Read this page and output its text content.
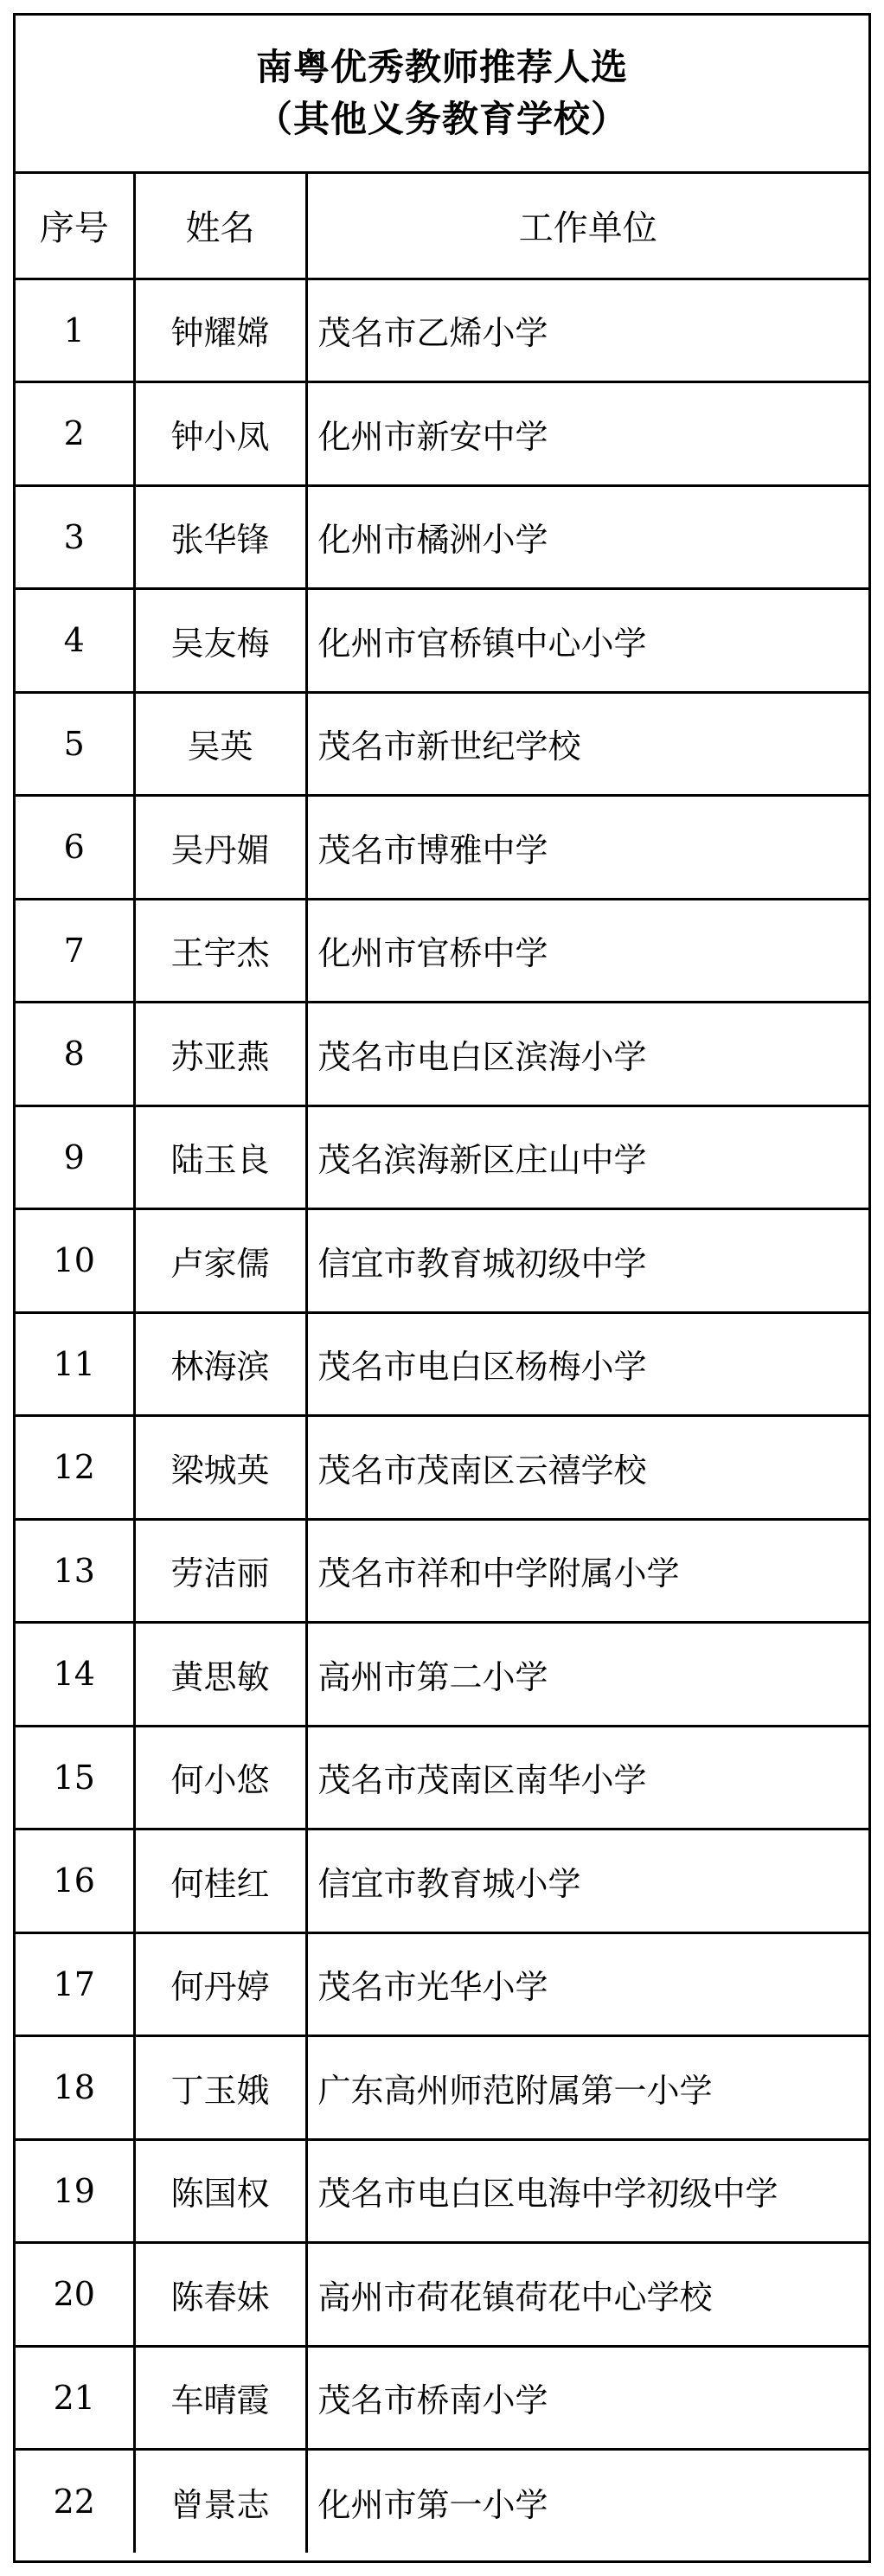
南粤优秀教师推荐人选
（其他义务教育学校）
序号	姓名	工作单位
1	钟耀嫦	茂名市乙烯小学
2	钟小凤	化州市新安中学
3	张华锋	化州市橘洲小学
4	吴友梅	化州市官桥镇中心小学
5	吴英	茂名市新世纪学校
6	吴丹媚	茂名市博雅中学
7	王宇杰	化州市官桥中学
8	苏亚燕	茂名市电白区滨海小学
9	陆玉良	茂名滨海新区庄山中学
10	卢家儒	信宜市教育城初级中学
11	林海滨	茂名市电白区杨梅小学
12	梁城英	茂名市茂南区云禧学校
13	劳洁丽	茂名市祥和中学附属小学
14	黄思敏	高州市第二小学
15	何小悠	茂名市茂南区南华小学
16	何桂红	信宜市教育城小学
17	何丹婷	茂名市光华小学
18	丁玉娥	广东高州师范附属第一小学
19	陈国权	茂名市电白区电海中学初级中学
20	陈春妹	高州市荷花镇荷花中心学校
21	车晴霞	茂名市桥南小学
22	曾景志	化州市第一小学
